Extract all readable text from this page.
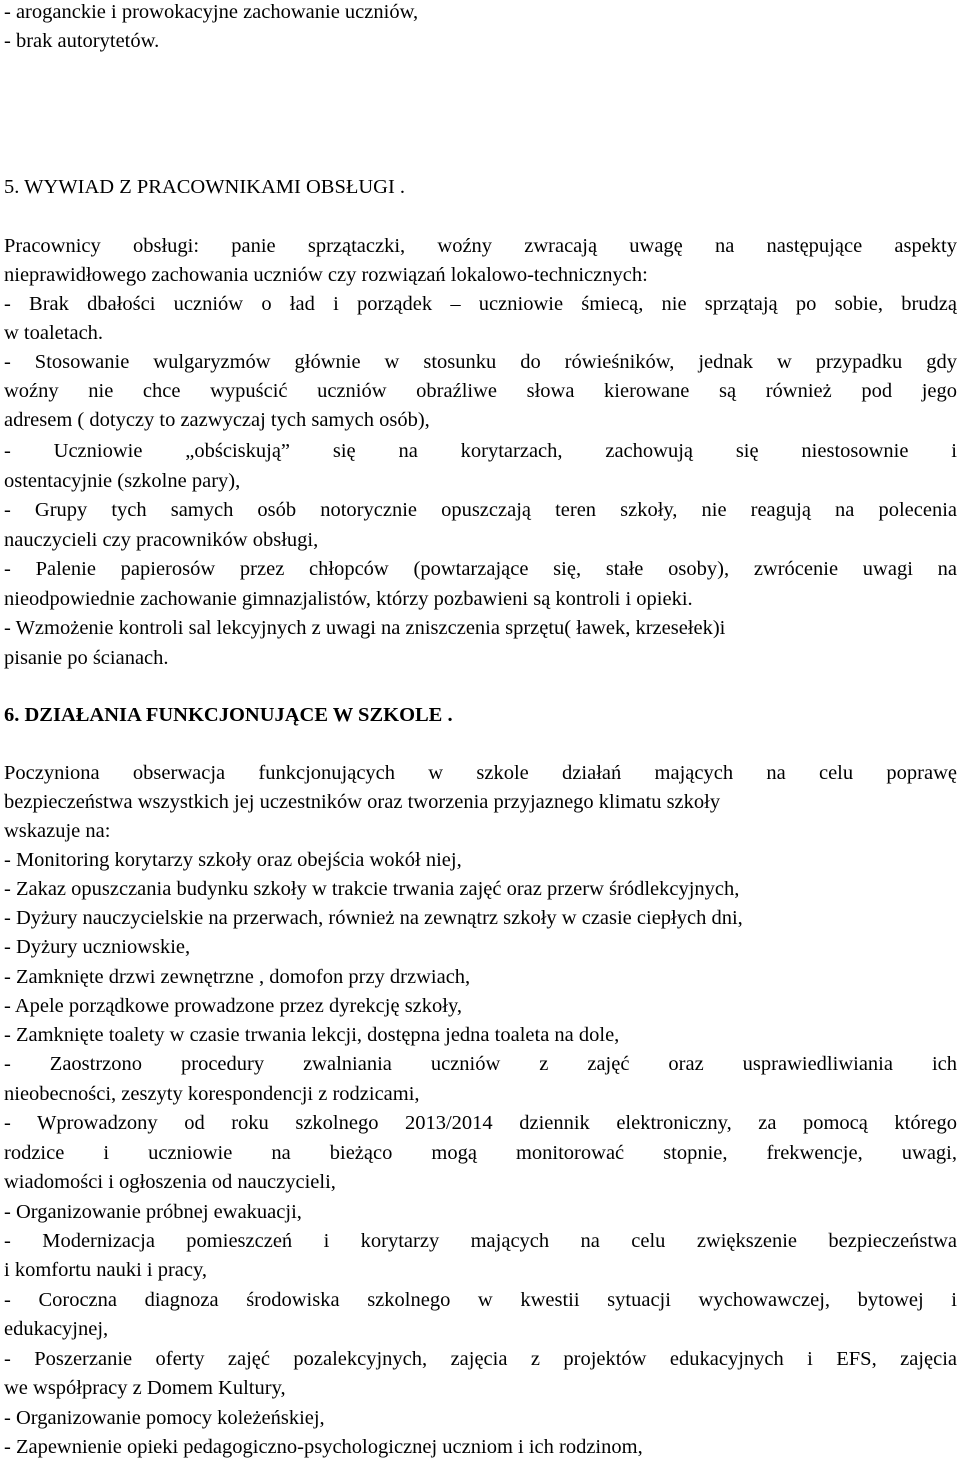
- aroganckie i prowokacyjne zachowanie uczniów,
- brak autorytetów.
5. WYWIAD Z PRACOWNIKAMI OBSŁUGI .
Pracownicy obsługi: panie sprzątaczki, woźny zwracają uwagę na następujące aspekty
nieprawidłowego zachowania uczniów czy rozwiązań lokalowo-technicznych:
- Brak dbałości uczniów o ład i porządek – uczniowie śmiecą, nie sprzątają po sobie, brudzą
w toaletach.
- Stosowanie wulgaryzmów głównie w stosunku do rówieśników, jednak w przypadku gdy
woźny nie chce wypuścić uczniów obraźliwe słowa kierowane są również pod jego
adresem ( dotyczy to zazwyczaj tych samych osób),
- Uczniowie „obściskują” się na korytarzach, zachowują się niestosownie i
ostentacyjnie (szkolne pary),
- Grupy tych samych osób notorycznie opuszczają teren szkoły, nie reagują na polecenia
nauczycieli czy pracowników obsługi,
- Palenie papierosów przez chłopców (powtarzające się, stałe osoby), zwrócenie uwagi na
nieodpowiednie zachowanie gimnazjalistów, którzy pozbawieni są kontroli i opieki.
- Wzmożenie kontroli sal lekcyjnych z uwagi na zniszczenia sprzętu( ławek, krzesełek)i
pisanie po ścianach.
6. DZIAŁANIA FUNKCJONUJĄCE W SZKOLE .
Poczyniona obserwacja funkcjonujących w szkole działań mających na celu poprawę
bezpieczeństwa wszystkich jej uczestników oraz tworzenia przyjaznego klimatu szkoły
wskazuje na:
- Monitoring korytarzy szkoły oraz obejścia wokół niej,
- Zakaz opuszczania budynku szkoły w trakcie trwania zajęć oraz przerw śródlekcyjnych,
- Dyżury nauczycielskie na przerwach, również na zewnątrz szkoły w czasie ciepłych dni,
- Dyżury uczniowskie,
- Zamknięte drzwi zewnętrzne , domofon przy drzwiach,
- Apele porządkowe prowadzone przez dyrekcję szkoły,
- Zamknięte toalety w czasie trwania lekcji, dostępna jedna toaleta na dole,
- Zaostrzono procedury zwalniania uczniów z zajęć oraz usprawiedliwiania ich
nieobecności, zeszyty korespondencji z rodzicami,
- Wprowadzony od roku szkolnego 2013/2014 dziennik elektroniczny, za pomocą którego
rodzice i uczniowie na bieżąco mogą monitorować stopnie, frekwencje, uwagi,
wiadomości i ogłoszenia od nauczycieli,
- Organizowanie próbnej ewakuacji,
- Modernizacja pomieszczeń i korytarzy mających na celu zwiększenie bezpieczeństwa
i komfortu nauki i pracy,
- Coroczna diagnoza środowiska szkolnego w kwestii sytuacji wychowawczej, bytowej i
edukacyjnej,
- Poszerzanie oferty zajęć pozalekcyjnych, zajęcia z projektów edukacyjnych i EFS, zajęcia
we współpracy z Domem Kultury,
- Organizowanie pomocy koleżeńskiej,
- Zapewnienie opieki pedagogiczno-psychologicznej uczniom i ich rodzinom,
